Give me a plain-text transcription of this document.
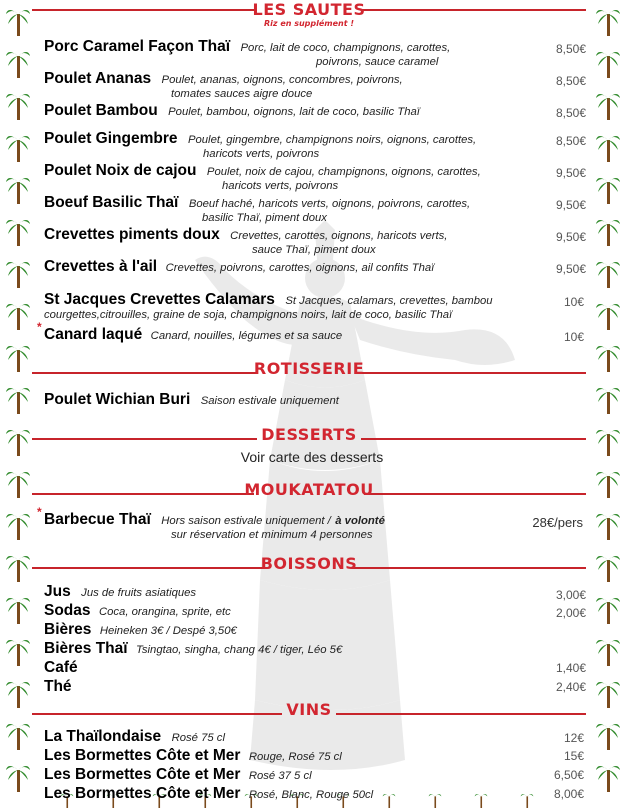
LES SAUTES
Riz en supplément !
Porc Caramel Façon Thaï Porc, lait de coco, champignons, carottes,
poivrons, sauce caramel
8,50€
Poulet Ananas Poulet, ananas, oignons, concombres, poivrons,
tomates sauces aigre douce
8,50€
Poulet Bambou Poulet, bambou, oignons, lait de coco, basilic Thaï	8,50€
Poulet Gingembre Poulet, gingembre, champignons noirs, oignons, carottes,
haricots verts, poivrons
8,50€
Poulet Noix de cajou Poulet, noix de cajou, champignons, oignons, carottes,
haricots verts, poivrons
9,50€
Boeuf Basilic Thaï Boeuf haché, haricots verts, oignons, poivrons, carottes,
basilic Thaï, piment doux
9,50€
Crevettes piments doux Crevettes, carottes, oignons, haricots verts,
sauce Thaï, piment doux
9,50€
Crevettes à l'ail Crevettes, poivrons, carottes, oignons, ail confits Thaï	9,50€
St Jacques Crevettes Calamars St Jacques, calamars, crevettes, bambou
courgettes,citrouilles, graine de soja, champignons noirs, lait de coco, basilic Thaï
10€
* Canard laqué Canard, nouilles, légumes et sa sauce	10€
ROTISSERIE
Poulet Wichian Buri Saison estivale uniquement
DESSERTS
Voir carte des desserts
MOUKATATOU
* Barbecue Thaï Hors saison estivale uniquement / à volonté
sur réservation et minimum 4 personnes
28€/pers
BOISSONS
Jus Jus de fruits asiatiques	3,00€
Sodas Coca, orangina, sprite, etc	2,00€
Bières Heineken 3€ / Despé 3,50€
Bières Thaï Tsingtao, singha, chang 4€ / tiger, Léo 5€
Café	1,40€
Thé	2,40€
VINS
La Thaïlondaise Rosé 75 cl	12€
Les Bormettes Côte et Mer Rouge, Rosé 75 cl	15€
Les Bormettes Côte et Mer Rosé 37 5 cl	6,50€
Les Bormettes Côte et Mer Rosé, Blanc, Rouge 50cl	8,00€
